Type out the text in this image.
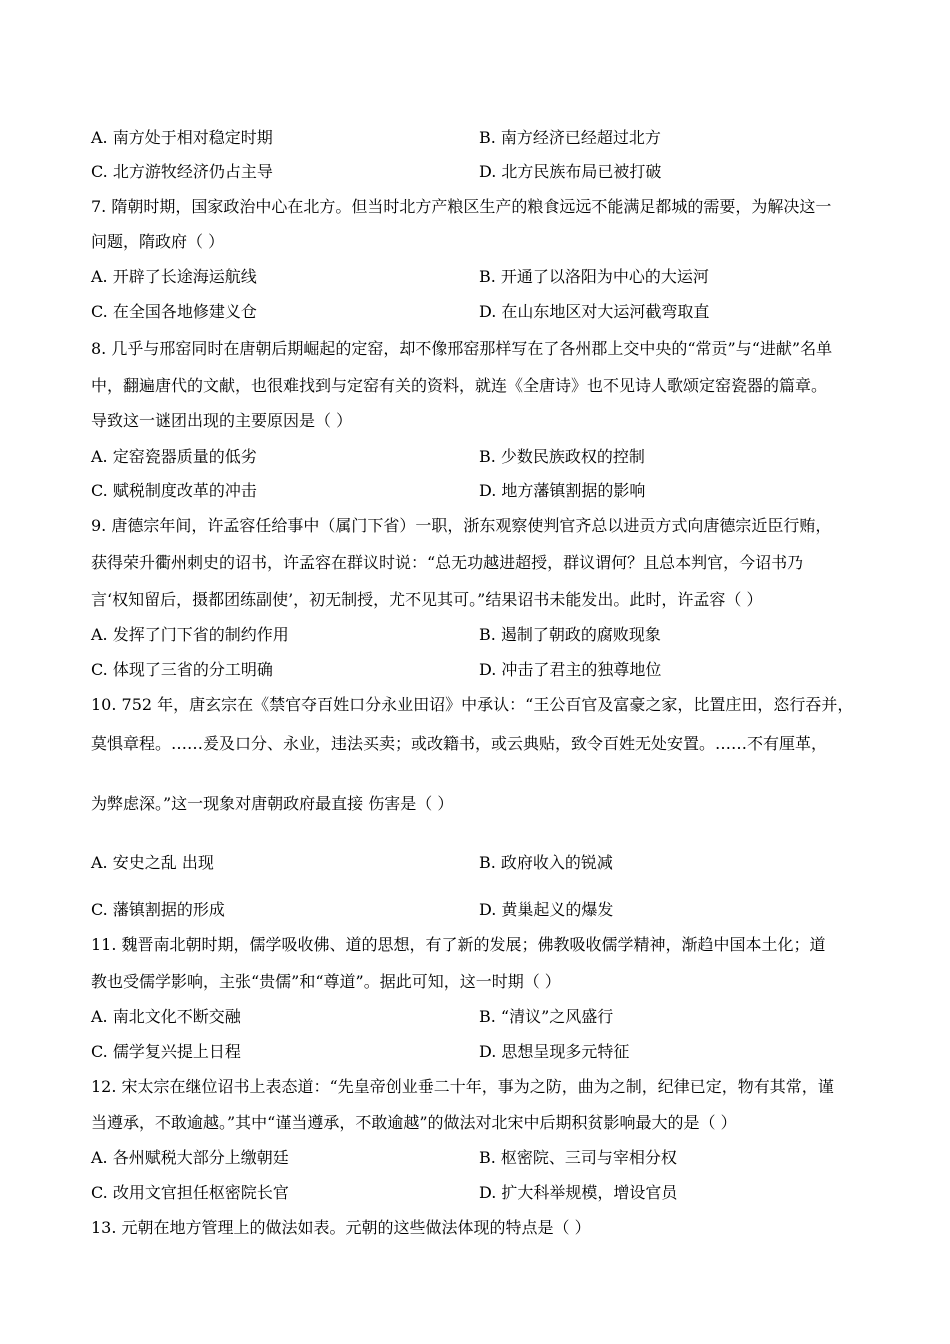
A. 南方处于相对稳定时期	B. 南方经济已经超过北方
C. 北方游牧经济仍占主导	D. 北方民族布局已被打破
7. 隋朝时期，国家政治中心在北方。但当时北方产粮区生产的粮食远远不能满足都城的需要，为解决这一
问题，隋政府（ ）
A. 开辟了长途海运航线	B. 开通了以洛阳为中心的大运河
C. 在全国各地修建义仓	D. 在山东地区对大运河截弯取直
8. 几乎与邢窑同时在唐朝后期崛起的定窑，却不像邢窑那样写在了各州郡上交中央的“常贡”与“进献”名单
中，翻遍唐代的文献，也很难找到与定窑有关的资料，就连《全唐诗》也不见诗人歌颂定窑瓷器的篇章。
导致这一谜团出现的主要原因是（ ）
A. 定窑瓷器质量的低劣	B. 少数民族政权的控制
C. 赋税制度改革的冲击	D. 地方藩镇割据的影响
9. 唐德宗年间，许孟容任给事中（属门下省）一职，浙东观察使判官齐总以进贡方式向唐德宗近臣行贿，
获得荣升衢州刺史的诏书，许孟容在群议时说：“总无功越进超授，群议谓何？且总本判官，今诏书乃
言‘权知留后，摄都团练副使’，初无制授，尤不见其可。”结果诏书未能发出。此时，许孟容（ ）
A. 发挥了门下省的制约作用	B. 遏制了朝政的腐败现象
C. 体现了三省的分工明确	D. 冲击了君主的独尊地位
10. 752 年，唐玄宗在《禁官夺百姓口分永业田诏》中承认：“王公百官及富豪之家，比置庄田，恣行吞并，
莫惧章程。……爰及口分、永业，违法买卖；或改籍书，或云典贴，致令百姓无处安置。……不有厘革，
为弊虑深。”这一现象对唐朝政府最直接 伤害是（ ）
A. 安史之乱 出现	B. 政府收入的锐减
C. 藩镇割据的形成	D. 黄巢起义的爆发
11. 魏晋南北朝时期，儒学吸收佛、道的思想，有了新的发展；佛教吸收儒学精神，渐趋中国本土化；道
教也受儒学影响，主张“贵儒”和“尊道”。据此可知，这一时期（ ）
A. 南北文化不断交融	B. “清议”之风盛行
C. 儒学复兴提上日程	D. 思想呈现多元特征
12. 宋太宗在继位诏书上表态道：“先皇帝创业垂二十年，事为之防，曲为之制，纪律已定，物有其常，谨
当遵承，不敢逾越。”其中“谨当遵承，不敢逾越”的做法对北宋中后期积贫影响最大的是（ ）
A. 各州赋税大部分上缴朝廷	B. 枢密院、三司与宰相分权
C. 改用文官担任枢密院长官	D. 扩大科举规模，增设官员
13. 元朝在地方管理上的做法如表。元朝的这些做法体现的特点是（ ）
